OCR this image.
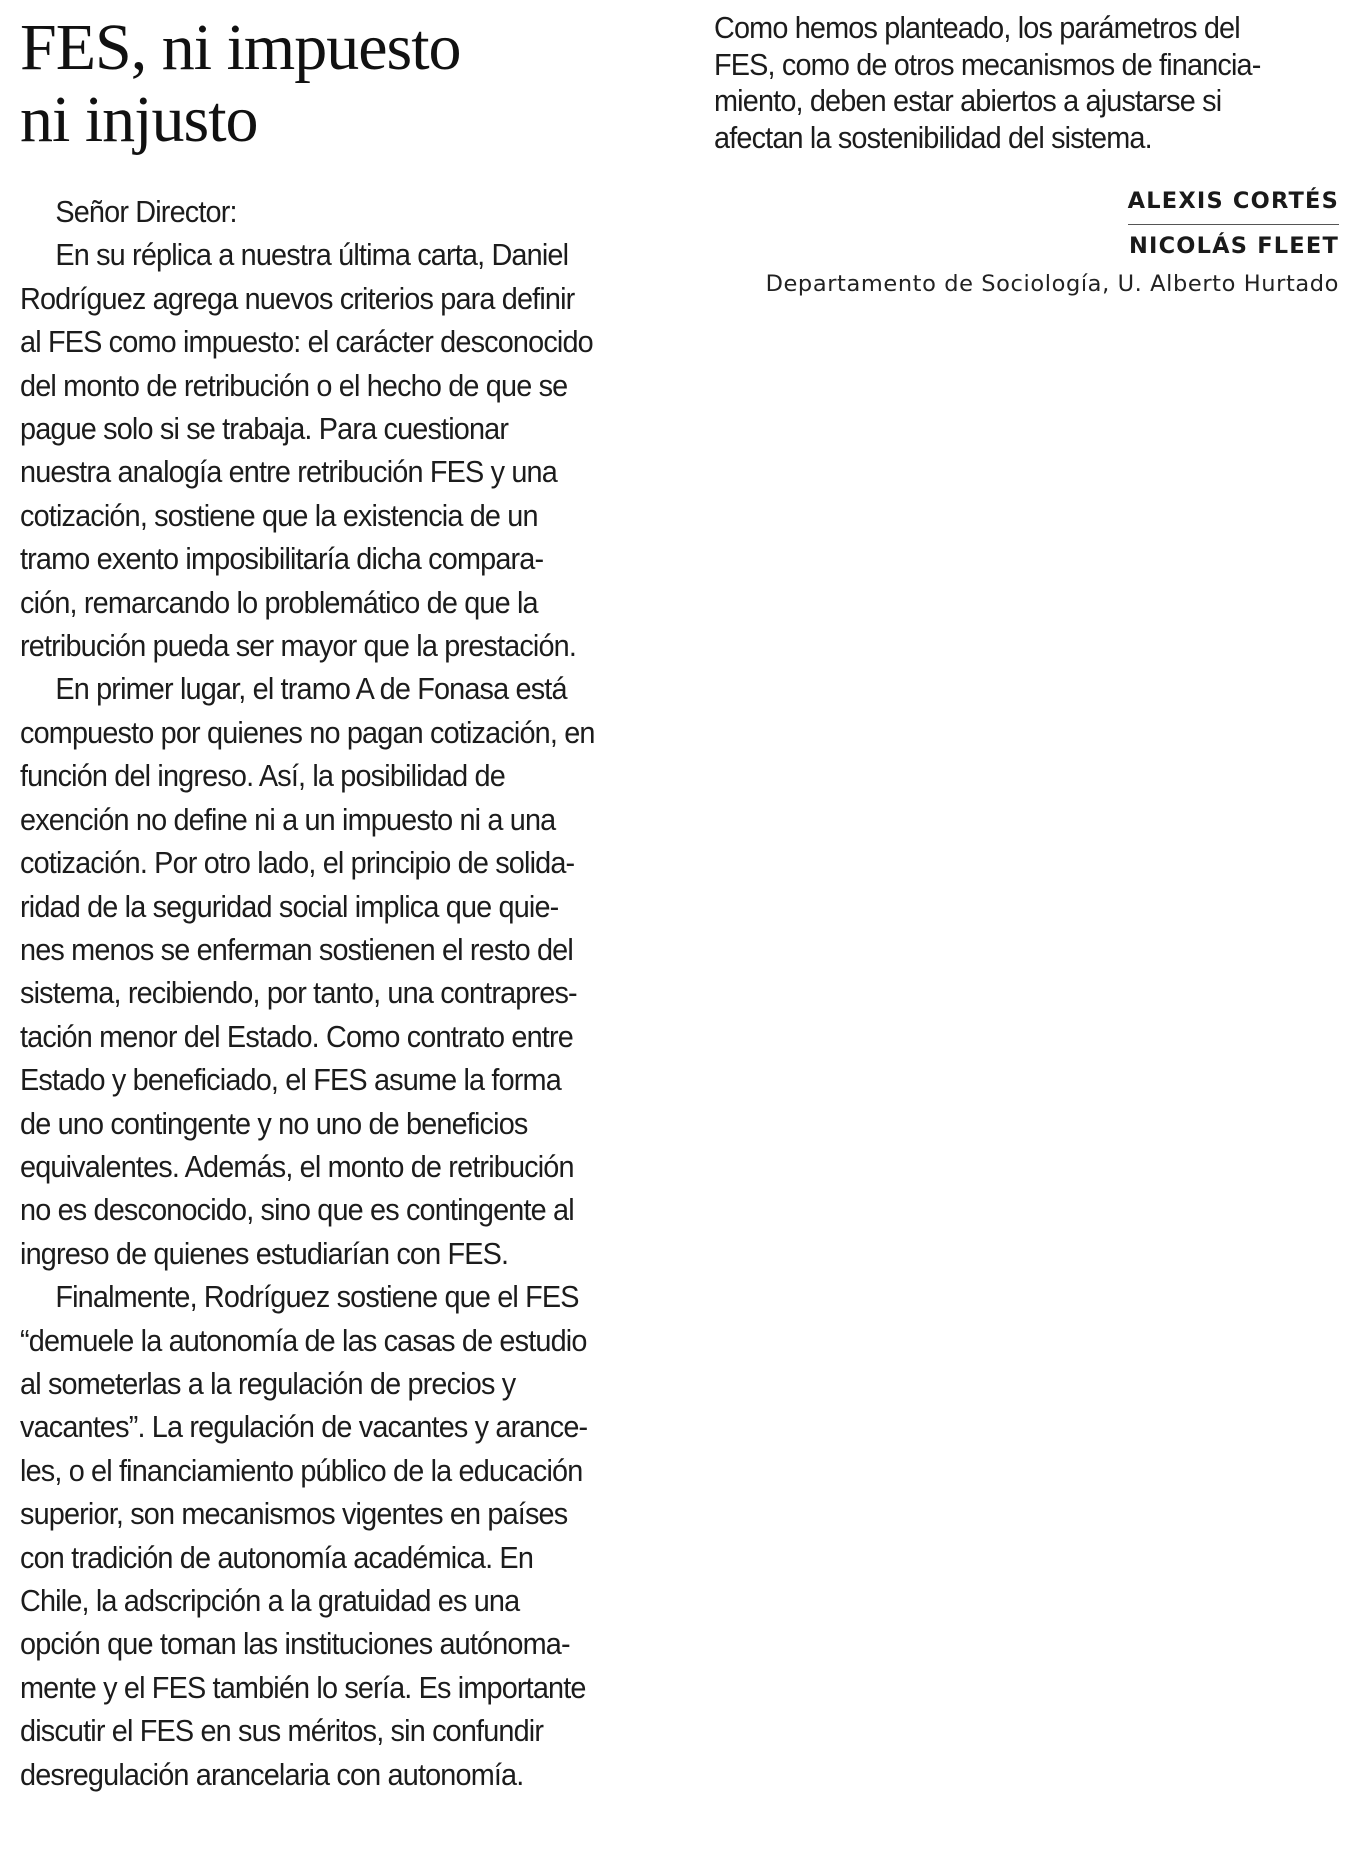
FES, ni impuesto
ni injusto
Señor Director:
En su réplica a nuestra última carta, Daniel
Rodríguez agrega nuevos criterios para definir
al FES como impuesto: el carácter desconocido
del monto de retribución o el hecho de que se
pague solo si se trabaja. Para cuestionar
nuestra analogía entre retribución FES y una
cotización, sostiene que la existencia de un
tramo exento imposibilitaría dicha compara-
ción, remarcando lo problemático de que la
retribución pueda ser mayor que la prestación.
En primer lugar, el tramo A de Fonasa está
compuesto por quienes no pagan cotización, en
función del ingreso. Así, la posibilidad de
exención no define ni a un impuesto ni a una
cotización. Por otro lado, el principio de solida-
ridad de la seguridad social implica que quie-
nes menos se enferman sostienen el resto del
sistema, recibiendo, por tanto, una contrapres-
tación menor del Estado. Como contrato entre
Estado y beneficiado, el FES asume la forma
de uno contingente y no uno de beneficios
equivalentes. Además, el monto de retribución
no es desconocido, sino que es contingente al
ingreso de quienes estudiarían con FES.
Finalmente, Rodríguez sostiene que el FES
“demuele la autonomía de las casas de estudio
al someterlas a la regulación de precios y
vacantes”. La regulación de vacantes y arance-
les, o el financiamiento público de la educación
superior, son mecanismos vigentes en países
con tradición de autonomía académica. En
Chile, la adscripción a la gratuidad es una
opción que toman las instituciones autónoma-
mente y el FES también lo sería. Es importante
discutir el FES en sus méritos, sin confundir
desregulación arancelaria con autonomía.
Como hemos planteado, los parámetros del
FES, como de otros mecanismos de financia-
miento, deben estar abiertos a ajustarse si
afectan la sostenibilidad del sistema.
ALEXIS CORTÉS
NICOLÁS FLEET
Departamento de Sociología, U. Alberto Hurtado
